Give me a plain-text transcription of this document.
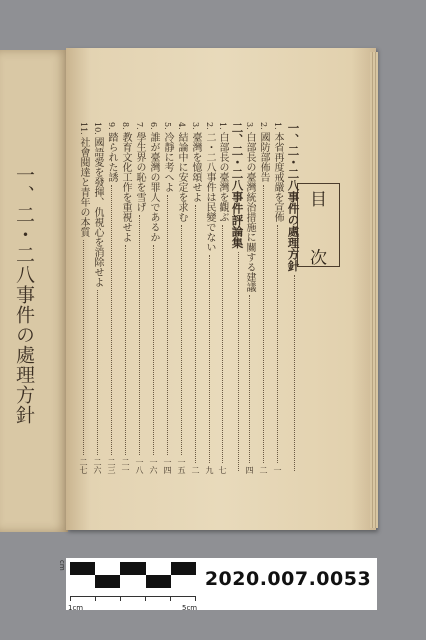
一、二・二八事件の處理方針	目 次
一、二・二八事件の處理方針
1.
本省再度戒嚴を宣佈
一
2.
國防部佈告
二
3.
白部長の臺灣統治措施に關する建議
四
二、二・二八事件評論集
1.
白部長の臺灣を觀ぶ
七
2.
二・二八事件は民變でない
九
3.
臺灣を憶頌せよ
二
4.
結論中に安定を求む
一五
5.
冷靜に考へよ
一四
6.
誰が臺灣の罪人であるか
一六
7.
學生界の恥を雪げ
一八
8.
教育文化工作を重視せよ
二一
9.
踏られた誘
二三
10.
國語愛を發揮、仇視心を消除せよ
二六
11.
社會閱達と青年の本質
二七
cm
1cm	5cm
2020.007.0053
